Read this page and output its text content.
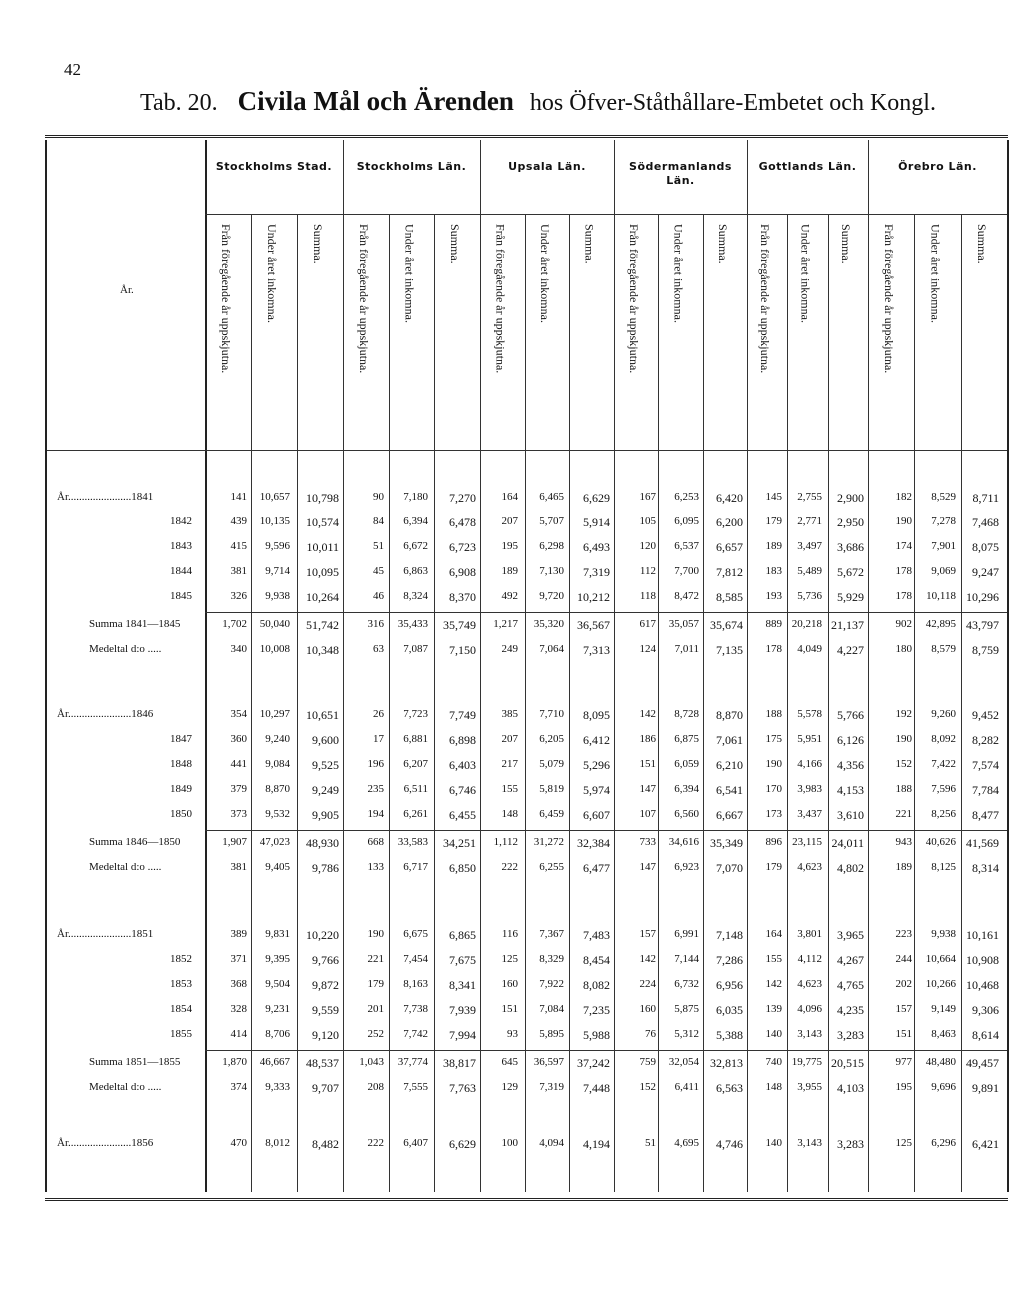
42
Tab. 20. Civila Mål och Ärenden hos Öfver-Ståthållare-Embetet och Kongl.
År.
Stockholms Stad.
Från föregående år uppskjutna.	Under året inkomna.	Summa.
Stockholms Län.
Från föregående år uppskjutna.	Under året inkomna.	Summa.
Upsala Län.
Från föregående år uppskjutna.	Under året inkomna.	Summa.
Södermanlands Län.
Från föregående år uppskjutna.	Under året inkomna.	Summa.
Gottlands Län.
Från föregående år uppskjutna. Under året inkomna. Summa.
Örebro Län.
Från föregående år uppskjutna.	Under året inkomna.	Summa.
År.......................1841	141	10,657	10,798	90	7,180	7,270	164	6,465	6,629	167	6,253	6,420	145	2,755	2,900	182	8,529	8,711
1842	439	10,135	10,574	84	6,394	6,478	207	5,707	5,914	105	6,095	6,200	179	2,771	2,950	190	7,278	7,468
1843	415	9,596	10,011	51	6,672	6,723	195	6,298	6,493	120	6,537	6,657	189	3,497	3,686	174	7,901	8,075
1844	381	9,714	10,095	45	6,863	6,908	189	7,130	7,319	112	7,700	7,812	183	5,489	5,672	178	9,069	9,247
1845	326	9,938	10,264	46	8,324	8,370	492	9,720	10,212	118	8,472	8,585	193	5,736	5,929	178	10,118 10,296
Summa 1841—1845	1,702	50,040	51,742	316	35,433	35,749	1,217	35,320	36,567	617	35,057 35,674	889 20,218 21,137	902	42,895 43,797
Medeltal d:o .....	340	10,008	10,348	63	7,087	7,150	249	7,064	7,313	124	7,011	7,135	178	4,049	4,227	180	8,579	8,759
År.......................1846	354	10,297	10,651	26	7,723	7,749	385	7,710	8,095	142	8,728	8,870	188	5,578	5,766	192	9,260	9,452
1847	360	9,240	9,600	17	6,881	6,898	207	6,205	6,412	186	6,875	7,061	175	5,951	6,126	190	8,092	8,282
1848	441	9,084	9,525	196	6,207	6,403	217	5,079	5,296	151	6,059	6,210	190	4,166	4,356	152	7,422	7,574
1849	379	8,870	9,249	235	6,511	6,746	155	5,819	5,974	147	6,394	6,541	170	3,983	4,153	188	7,596	7,784
1850	373	9,532	9,905	194	6,261	6,455	148	6,459	6,607	107	6,560	6,667	173	3,437	3,610	221	8,256	8,477
Summa 1846—1850	1,907	47,023	48,930	668	33,583	34,251	1,112	31,272	32,384	733	34,616 35,349	896 23,115 24,011	943	40,626 41,569
Medeltal d:o .....	381	9,405	9,786	133	6,717	6,850	222	6,255	6,477	147	6,923	7,070	179	4,623	4,802	189	8,125	8,314
År.......................1851	389	9,831	10,220	190	6,675	6,865	116	7,367	7,483	157	6,991	7,148	164	3,801	3,965	223	9,938 10,161
1852	371	9,395	9,766	221	7,454	7,675	125	8,329	8,454	142	7,144	7,286	155	4,112	4,267	244	10,664 10,908
1853	368	9,504	9,872	179	8,163	8,341	160	7,922	8,082	224	6,732	6,956	142	4,623	4,765	202	10,266 10,468
1854	328	9,231	9,559	201	7,738	7,939	151	7,084	7,235	160	5,875	6,035	139	4,096	4,235	157	9,149	9,306
1855	414	8,706	9,120	252	7,742	7,994	93	5,895	5,988	76	5,312	5,388	140	3,143	3,283	151	8,463	8,614
Summa 1851—1855	1,870	46,667	48,537	1,043	37,774	38,817	645	36,597	37,242	759	32,054 32,813	740 19,775 20,515	977	48,480 49,457
Medeltal d:o .....	374	9,333	9,707	208	7,555	7,763	129	7,319	7,448	152	6,411	6,563	148	3,955	4,103	195	9,696	9,891
År.......................1856	470	8,012	8,482	222	6,407	6,629	100	4,094	4,194	51	4,695	4,746	140	3,143	3,283	125	6,296	6,421
